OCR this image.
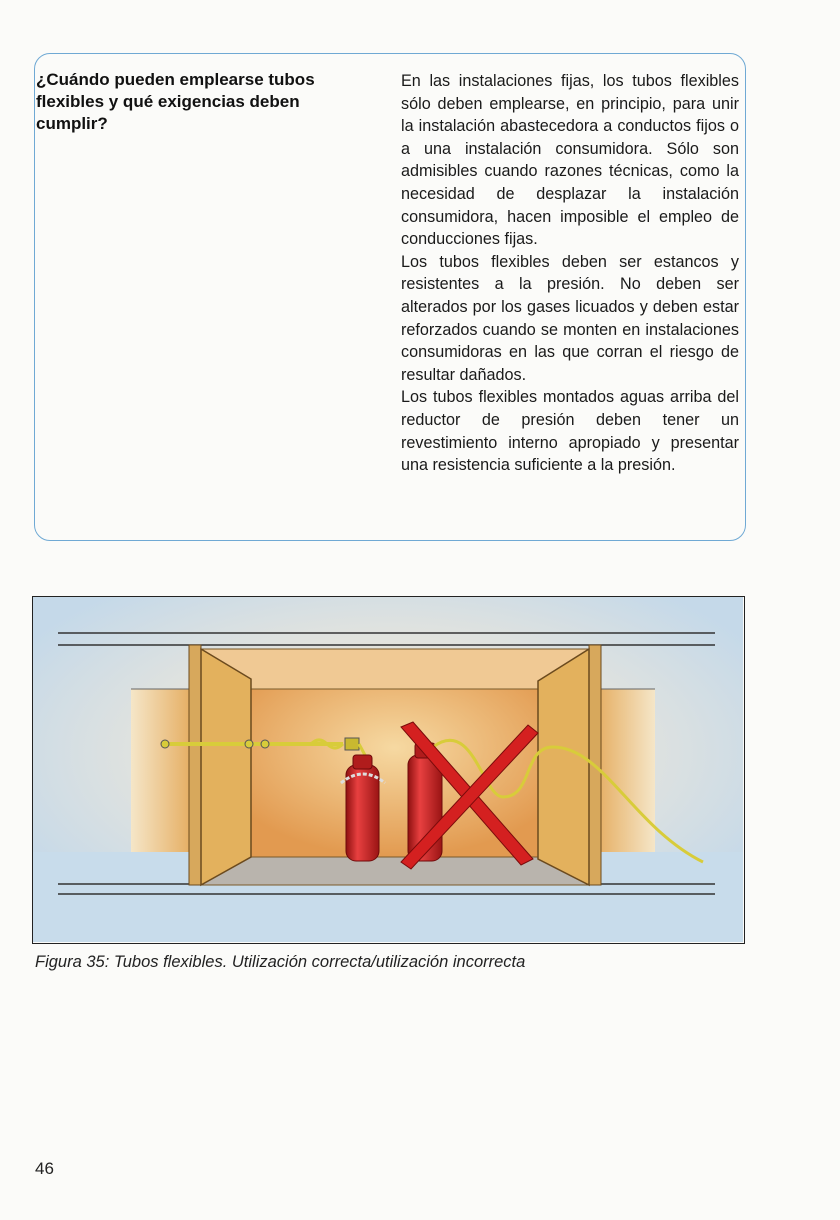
¿Cuándo pueden emplearse tubos flexibles y qué exigencias deben cumplir?

En las instalaciones fijas, los tubos flexibles sólo deben emplearse, en principio, para unir la instalación abastecedora a conductos fijos o a una instalación consumidora. Sólo son admisibles cuando razones técnicas, como la necesidad de desplazar la instalación consumidora, hacen imposible el empleo de conducciones fijas.

Los tubos flexibles deben ser estancos y resistentes a la presión. No deben ser alterados por los gases licuados y deben estar reforzados cuando se monten en instalaciones consumidoras en las que corran el riesgo de resultar dañados.

Los tubos flexibles montados aguas arriba del reductor de presión deben tener un revestimiento interno apropiado y presentar una resistencia suficiente a la presión.

Figura 35: Tubos flexibles. Utilización correcta/utilización incorrecta

46
